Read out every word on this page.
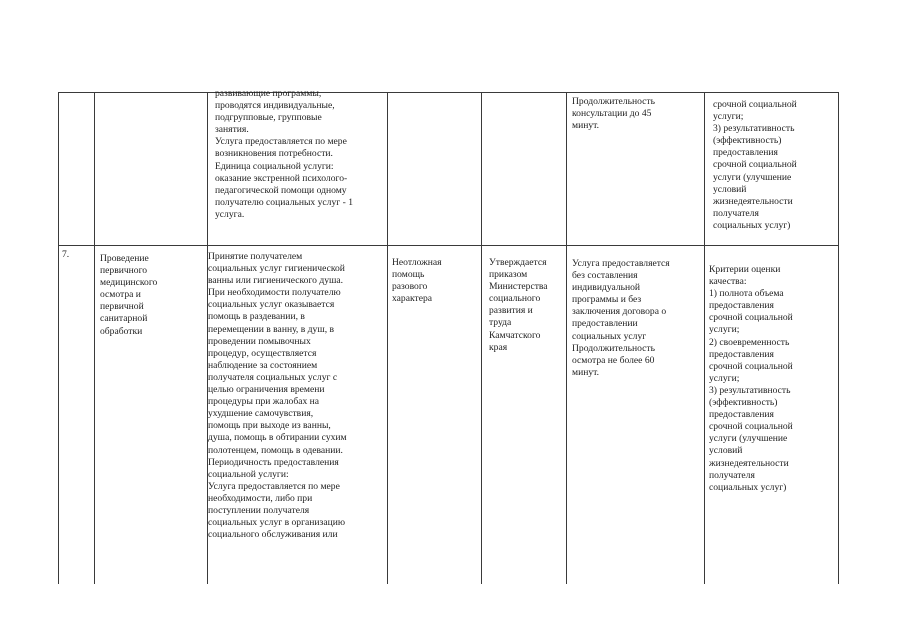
развивающие программы,
проводятся индивидуальные,
подгрупповые, групповые
занятия.
Услуга предоставляется по мере
возникновения потребности.
Единица социальной услуги:
оказание экстренной психолого-
педагогической помощи одному
получателю социальных услуг - 1
услуга.
Продолжительность
консультации до 45
минут.
срочной социальной
услуги;
3) результативность
(эффективность)
предоставления
срочной социальной
услуги (улучшение
условий
жизнедеятельности
получателя
социальных услуг)
7.	Проведение
первичного
медицинского
осмотра и
первичной
санитарной
обработки
Принятие получателем
социальных услуг гигиенической
ванны или гигиенического душа.
При необходимости получателю
социальных услуг оказывается
помощь в раздевании, в
перемещении в ванну, в душ, в
проведении помывочных
процедур, осуществляется
наблюдение за состоянием
получателя социальных услуг с
целью ограничения времени
процедуры при жалобах на
ухудшение самочувствия,
помощь при выходе из ванны,
душа, помощь в обтирании сухим
полотенцем, помощь в одевании.
Периодичность предоставления
социальной услуги:
Услуга предоставляется по мере
необходимости, либо при
поступлении получателя
социальных услуг в организацию
социального обслуживания или
Неотложная
помощь
разового
характера
Утверждается
приказом
Министерства
социального
развития и
труда
Камчатского
края
Услуга предоставляется
без составления
индивидуальной
программы и без
заключения договора о
предоставлении
социальных услуг
Продолжительность
осмотра не более 60
минут.
Критерии оценки
качества:
1) полнота объема
предоставления
срочной социальной
услуги;
2) своевременность
предоставления
срочной социальной
услуги;
3) результативность
(эффективность)
предоставления
срочной социальной
услуги (улучшение
условий
жизнедеятельности
получателя
социальных услуг)
